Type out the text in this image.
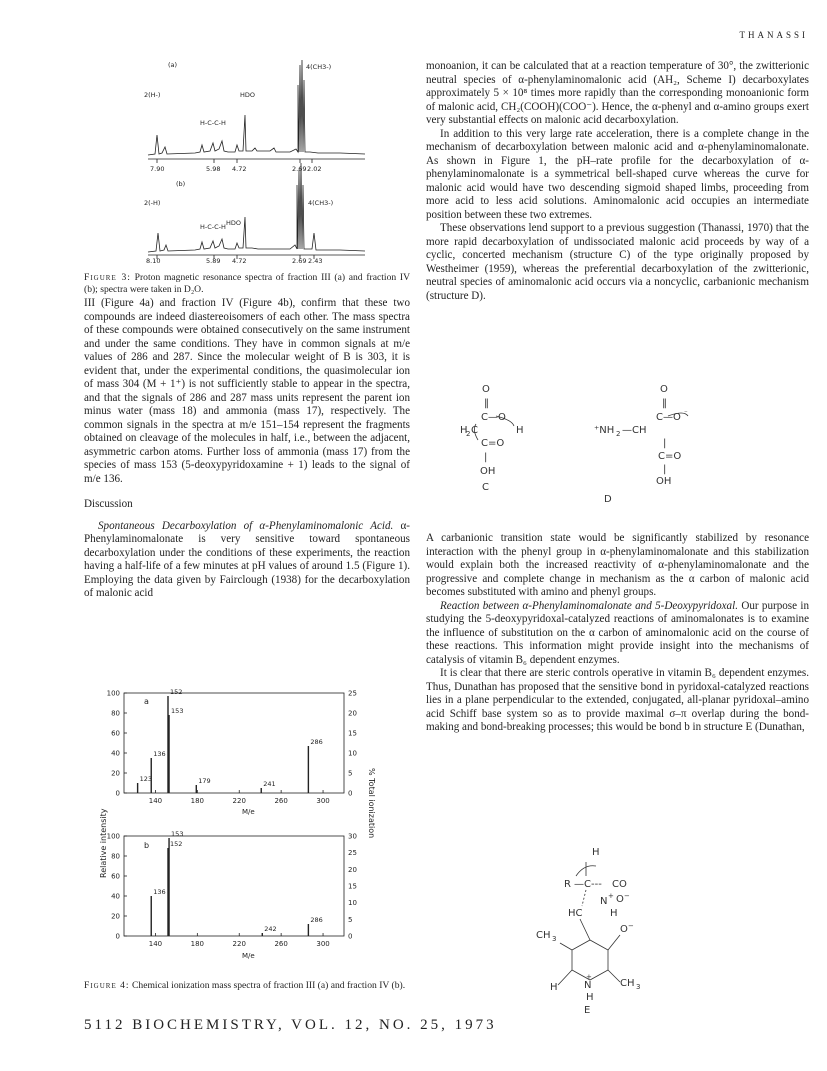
THANASSI
(a)
2(H-)	HDO
4(CH3-)
H-C-C-H
7.90	5.98 4.72	2.69 2.02
(b)
2(-H)
HDO
4(CH3-)
H-C-C-H
8.10	5.89 4.72	2.69 2.43
Figure 3: Proton magnetic resonance spectra of fraction III (a) and fraction IV (b); spectra were taken in D₂O.

III (Figure 4a) and fraction IV (Figure 4b), confirm that these two compounds are indeed diastereoisomers of each other. The mass spectra of these compounds were obtained consecutively on the same instrument and under the same conditions. They have in common signals at m/e values of 286 and 287. Since the molecular weight of B is 303, it is evident that, under the experimental conditions, the quasimolecular ion of mass 304 (M + 1⁺) is not sufficiently stable to appear in the spectra, and that the signals of 286 and 287 mass units represent the parent ion minus water (mass 18) and ammonia (mass 17), respectively. The common signals in the spectra at m/e 151–154 represent the fragments obtained on cleavage of the molecules in half, i.e., between the adjacent, asymmetric carbon atoms. Further loss of ammonia (mass 17) from the species of mass 153 (5-deoxypyridoxamine + 1) leads to the signal of m/e 136.

Discussion

Spontaneous Decarboxylation of α-Phenylaminomalonic Acid. α-Phenylaminomalonate is very sensitive toward spontaneous decarboxylation under the conditions of these experiments, the reaction having a half-life of a few minutes at pH values of around 1.5 (Figure 1). Employing the data given by Fairclough (1938) for the decarboxylation of malonic acid

a
b
M/e
M/e
Relative intensity
% Total ionization
100
80
60
40
20
0
25
20
15
10
5
0
140	180	220	260	300
123
136
152
153
179	241
286
100
80
60
40
20
0
30
25
20
15
10
5
0
140	180	220	260	300
136
152
153
242
286
Figure 4: Chemical ionization mass spectra of fraction III (a) and fraction IV (b).

monoanion, it can be calculated that at a reaction temperature of 30°, the zwitterionic neutral species of α-phenylaminomalonic acid (AH₂, Scheme I) decarboxylates approximately 5 × 10⁸ times more rapidly than the corresponding monoanionic form of malonic acid, CH₂(COOH)(COO⁻). Hence, the α-phenyl and α-amino groups exert very substantial effects on malonic acid decarboxylation.

In addition to this very large rate acceleration, there is a complete change in the mechanism of decarboxylation between malonic acid and α-phenylaminomalonate. As shown in Figure 1, the pH–rate profile for the decarboxylation of α-phenylaminomalonate is a symmetrical bell-shaped curve whereas the curve for malonic acid would have two descending sigmoid shaped limbs, proceeding from more acid to less acid solutions. Aminomalonic acid occupies an intermediate position between these two extremes.

These observations lend support to a previous suggestion (Thanassi, 1970) that the more rapid decarboxylation of undissociated malonic acid proceeds by way of a cyclic, concerted mechanism (structure C) of the type originally proposed by Westheimer (1959), whereas the preferential decarboxylation of the zwitterionic, neutral species of aminomalonic acid occurs via a noncyclic, carbanionic mechanism (structure D).

O
‖
C—O
H
2 C	H
C=O
|
OH
C
O
‖
C—O ⁻
⁺NH 2 —CH
|
C=O
|
OH
D

A carbanionic transition state would be significantly stabilized by resonance interaction with the phenyl group in α-phenylaminomalonate and this stabilization would explain both the increased reactivity of α-phenylaminomalonate and the progressive and complete change in mechanism as the α carbon of malonic acid becomes substituted with amino and phenyl groups.

Reaction between α-Phenylaminomalonate and 5-Deoxypyridoxal. Our purpose in studying the 5-deoxypyridoxal-catalyzed reactions of aminomalonates is to examine the influence of substitution on the α carbon of aminomalonic acid on the course of these reactions. This information might provide insight into the mechanisms of catalysis of vitamin B₆ dependent enzymes.

It is clear that there are steric controls operative in vitamin B₆ dependent enzymes. Thus, Dunathan has proposed that the sensitive bond in pyridoxal-catalyzed reactions lies in a plane perpendicular to the extended, conjugated, all-planar pyridoxal–amino acid Schiff base system so as to provide maximal σ–π overlap during the bond-making and bond-breaking processes; this would be bond b in structure E (Dunathan,

H
R —C--- CO
N + O −
HC	H
O −
CH 3
H	N
+
CH 3
H
E
5112 BIOCHEMISTRY, VOL. 12, NO. 25, 1973
